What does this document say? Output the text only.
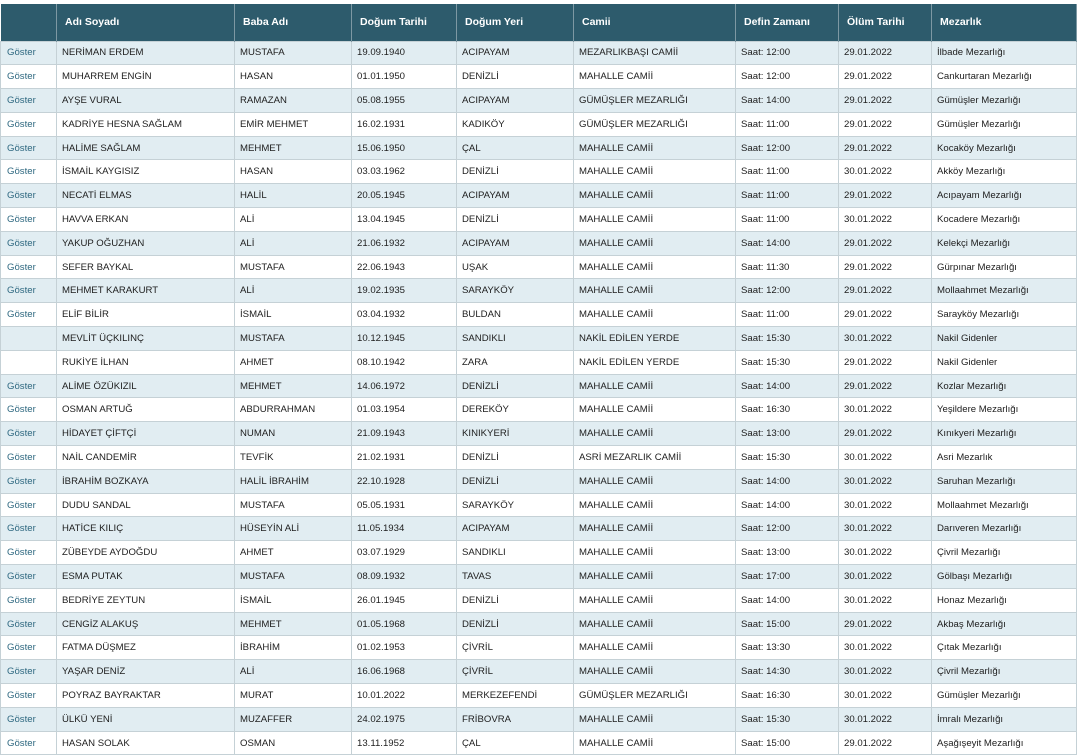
	Adı Soyadı	Baba Adı	Doğum Tarihi	Doğum Yeri	Camii	Defin Zamanı	Ölüm Tarihi	Mezarlık
Göster	NERİMAN ERDEM	MUSTAFA	19.09.1940	ACIPAYAM	MEZARLIKBAŞI CAMİİ	Saat: 12:00	29.01.2022	İlbade Mezarlığı
Göster	MUHARREM ENGİN	HASAN	01.01.1950	DENİZLİ	MAHALLE CAMİİ	Saat: 12:00	29.01.2022	Cankurtaran Mezarlığı
Göster	AYŞE VURAL	RAMAZAN	05.08.1955	ACIPAYAM	GÜMÜŞLER MEZARLIĞI	Saat: 14:00	29.01.2022	Gümüşler Mezarlığı
Göster	KADRİYE HESNA SAĞLAM	EMİR MEHMET	16.02.1931	KADIKÖY	GÜMÜŞLER MEZARLIĞI	Saat: 11:00	29.01.2022	Gümüşler Mezarlığı
Göster	HALİME SAĞLAM	MEHMET	15.06.1950	ÇAL	MAHALLE CAMİİ	Saat: 12:00	29.01.2022	Kocaköy Mezarlığı
Göster	İSMAİL KAYGISIZ	HASAN	03.03.1962	DENİZLİ	MAHALLE CAMİİ	Saat: 11:00	30.01.2022	Akköy Mezarlığı
Göster	NECATİ ELMAS	HALİL	20.05.1945	ACIPAYAM	MAHALLE CAMİİ	Saat: 11:00	29.01.2022	Acıpayam Mezarlığı
Göster	HAVVA ERKAN	ALİ	13.04.1945	DENİZLİ	MAHALLE CAMİİ	Saat: 11:00	30.01.2022	Kocadere Mezarlığı
Göster	YAKUP OĞUZHAN	ALİ	21.06.1932	ACIPAYAM	MAHALLE CAMİİ	Saat: 14:00	29.01.2022	Kelekçi Mezarlığı
Göster	SEFER BAYKAL	MUSTAFA	22.06.1943	UŞAK	MAHALLE CAMİİ	Saat: 11:30	29.01.2022	Gürpınar Mezarlığı
Göster	MEHMET KARAKURT	ALİ	19.02.1935	SARAYKÖY	MAHALLE CAMİİ	Saat: 12:00	29.01.2022	Mollaahmet Mezarlığı
Göster	ELİF BİLİR	İSMAİL	03.04.1932	BULDAN	MAHALLE CAMİİ	Saat: 11:00	29.01.2022	Sarayköy Mezarlığı
	MEVLİT ÜÇKILINÇ	MUSTAFA	10.12.1945	SANDIKLI	NAKİL EDİLEN YERDE	Saat: 15:30	30.01.2022	Nakil Gidenler
	RUKİYE İLHAN	AHMET	08.10.1942	ZARA	NAKİL EDİLEN YERDE	Saat: 15:30	29.01.2022	Nakil Gidenler
Göster	ALİME ÖZÜKIZIL	MEHMET	14.06.1972	DENİZLİ	MAHALLE CAMİİ	Saat: 14:00	29.01.2022	Kozlar Mezarlığı
Göster	OSMAN ARTUĞ	ABDURRAHMAN	01.03.1954	DEREKÖY	MAHALLE CAMİİ	Saat: 16:30	30.01.2022	Yeşildere Mezarlığı
Göster	HİDAYET ÇİFTÇİ	NUMAN	21.09.1943	KINIKYERİ	MAHALLE CAMİİ	Saat: 13:00	29.01.2022	Kınıkyeri Mezarlığı
Göster	NAİL CANDEMİR	TEVFİK	21.02.1931	DENİZLİ	ASRİ MEZARLIK CAMİİ	Saat: 15:30	30.01.2022	Asri Mezarlık
Göster	İBRAHİM BOZKAYA	HALİL İBRAHİM	22.10.1928	DENİZLİ	MAHALLE CAMİİ	Saat: 14:00	30.01.2022	Saruhan Mezarlığı
Göster	DUDU SANDAL	MUSTAFA	05.05.1931	SARAYKÖY	MAHALLE CAMİİ	Saat: 14:00	30.01.2022	Mollaahmet Mezarlığı
Göster	HATİCE KILIÇ	HÜSEYİN ALİ	11.05.1934	ACIPAYAM	MAHALLE CAMİİ	Saat: 12:00	30.01.2022	Darıveren Mezarlığı
Göster	ZÜBEYDE AYDOĞDU	AHMET	03.07.1929	SANDIKLI	MAHALLE CAMİİ	Saat: 13:00	30.01.2022	Çivril Mezarlığı
Göster	ESMA PUTAK	MUSTAFA	08.09.1932	TAVAS	MAHALLE CAMİİ	Saat: 17:00	30.01.2022	Gölbaşı Mezarlığı
Göster	BEDRİYE ZEYTUN	İSMAİL	26.01.1945	DENİZLİ	MAHALLE CAMİİ	Saat: 14:00	30.01.2022	Honaz Mezarlığı
Göster	CENGİZ ALAKUŞ	MEHMET	01.05.1968	DENİZLİ	MAHALLE CAMİİ	Saat: 15:00	29.01.2022	Akbaş Mezarlığı
Göster	FATMA DÜŞMEZ	İBRAHİM	01.02.1953	ÇİVRİL	MAHALLE CAMİİ	Saat: 13:30	30.01.2022	Çıtak Mezarlığı
Göster	YAŞAR DENİZ	ALİ	16.06.1968	ÇİVRİL	MAHALLE CAMİİ	Saat: 14:30	30.01.2022	Çivril Mezarlığı
Göster	POYRAZ BAYRAKTAR	MURAT	10.01.2022	MERKEZEFENDİ	GÜMÜŞLER MEZARLIĞI	Saat: 16:30	30.01.2022	Gümüşler Mezarlığı
Göster	ÜLKÜ YENİ	MUZAFFER	24.02.1975	FRİBOVRA	MAHALLE CAMİİ	Saat: 15:30	30.01.2022	İmralı Mezarlığı
Göster	HASAN SOLAK	OSMAN	13.11.1952	ÇAL	MAHALLE CAMİİ	Saat: 15:00	29.01.2022	Aşağışeyit Mezarlığı
